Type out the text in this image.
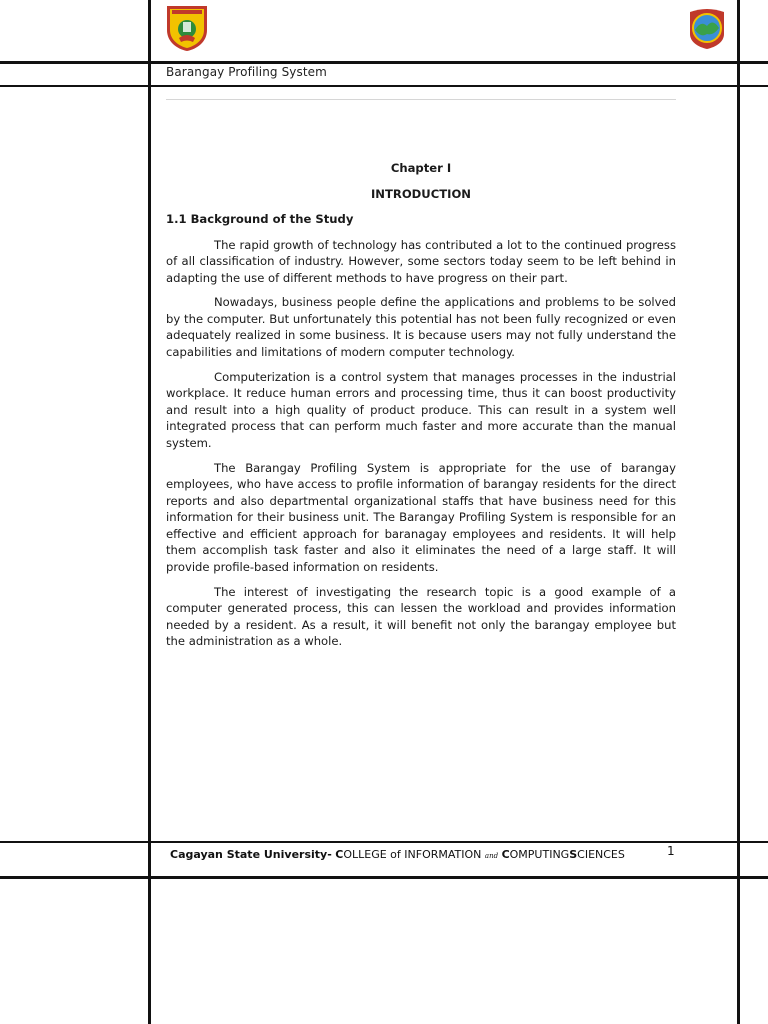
Barangay Profiling System

Chapter I

INTRODUCTION

1.1 Background of the Study

The rapid growth of technology has contributed a lot to the continued progress of all classification of industry. However, some sectors today seem to be left behind in adapting the use of different methods to have progress on their part.

Nowadays, business people define the applications and problems to be solved by the computer. But unfortunately this potential has not been fully recognized or even adequately realized in some business. It is because users may not fully understand the capabilities and limitations of modern computer technology.

Computerization is a control system that manages processes in the industrial workplace. It reduce human errors and processing time, thus it can boost productivity and result into a high quality of product produce. This can result in a system well integrated process that can perform much faster and more accurate than the manual system.

The Barangay Profiling System is appropriate for the use of barangay employees, who have access to profile information of barangay residents for the direct reports and also departmental organizational staffs that have business need for this information for their business unit. The Barangay Profiling System is responsible for an effective and efficient approach for baranagay employees and residents. It will help them accomplish task faster and also it eliminates the need of a large staff. It will provide profile-based information on residents.

The interest of investigating the research topic is a good example of a computer generated process, this can lessen the workload and provides information needed by a resident. As a result, it will benefit not only the barangay employee but the administration as a whole.

Cagayan State University- COLLEGE of INFORMATION and COMPUTINGSCIENCES	1
